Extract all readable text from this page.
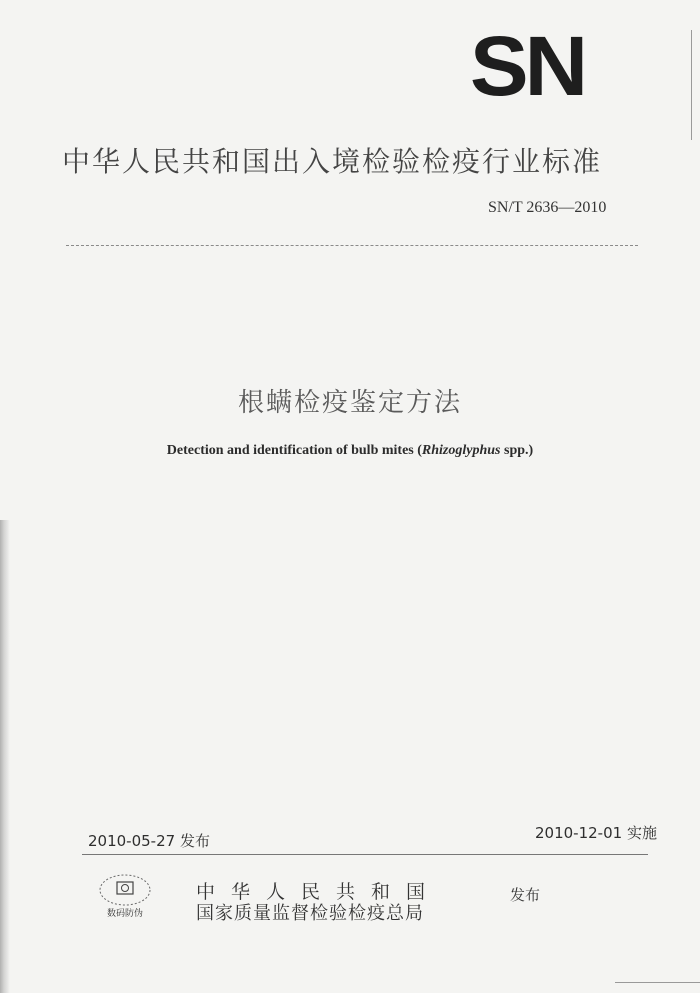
SN
中华人民共和国出入境检验检疫行业标准
SN/T 2636—2010
根螨检疫鉴定方法
Detection and identification of bulb mites (Rhizoglyphus spp.)
2010-05-27 发布	2010-12-01 实施
数码防伪
中华人民共和国
国家质量监督检验检疫总局
发布
